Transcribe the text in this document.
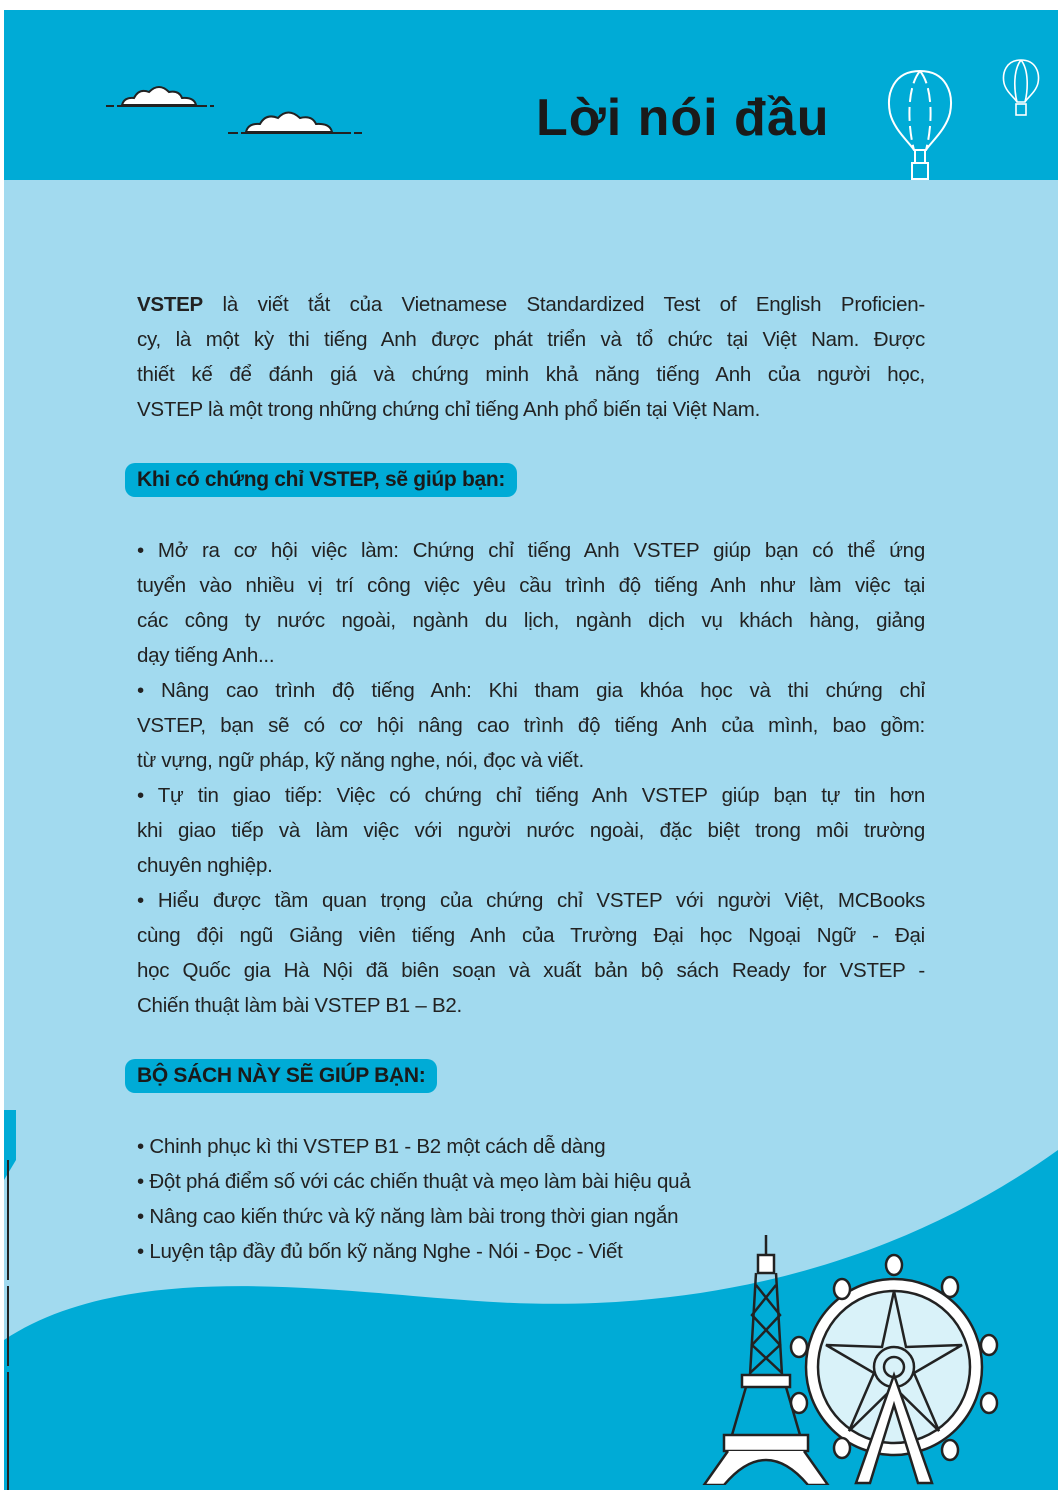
Lời nói đầu
VSTEP là viết tắt của Vietnamese Standardized Test of English Proficien-
cy, là một kỳ thi tiếng Anh được phát triển và tổ chức tại Việt Nam. Được
thiết kế để đánh giá và chứng minh khả năng tiếng Anh của người học,
VSTEP là một trong những chứng chỉ tiếng Anh phổ biến tại Việt Nam.
Khi có chứng chỉ VSTEP, sẽ giúp bạn:
• Mở ra cơ hội việc làm: Chứng chỉ tiếng Anh VSTEP giúp bạn có thể ứng
tuyển vào nhiều vị trí công việc yêu cầu trình độ tiếng Anh như làm việc tại
các công ty nước ngoài, ngành du lịch, ngành dịch vụ khách hàng, giảng
dạy tiếng Anh...
• Nâng cao trình độ tiếng Anh: Khi tham gia khóa học và thi chứng chỉ
VSTEP, bạn sẽ có cơ hội nâng cao trình độ tiếng Anh của mình, bao gồm:
từ vựng, ngữ pháp, kỹ năng nghe, nói, đọc và viết.
• Tự tin giao tiếp: Việc có chứng chỉ tiếng Anh VSTEP giúp bạn tự tin hơn
khi giao tiếp và làm việc với người nước ngoài, đặc biệt trong môi trường
chuyên nghiệp.
• Hiểu được tầm quan trọng của chứng chỉ VSTEP với người Việt, MCBooks
cùng đội ngũ Giảng viên tiếng Anh của Trường Đại học Ngoại Ngữ - Đại
học Quốc gia Hà Nội đã biên soạn và xuất bản bộ sách Ready for VSTEP -
Chiến thuật làm bài VSTEP B1 – B2.
BỘ SÁCH NÀY SẼ GIÚP BẠN:
• Chinh phục kì thi VSTEP B1 - B2 một cách dễ dàng
• Đột phá điểm số với các chiến thuật và mẹo làm bài hiệu quả
• Nâng cao kiến thức và kỹ năng làm bài trong thời gian ngắn
• Luyện tập đầy đủ bốn kỹ năng Nghe - Nói - Đọc - Viết
